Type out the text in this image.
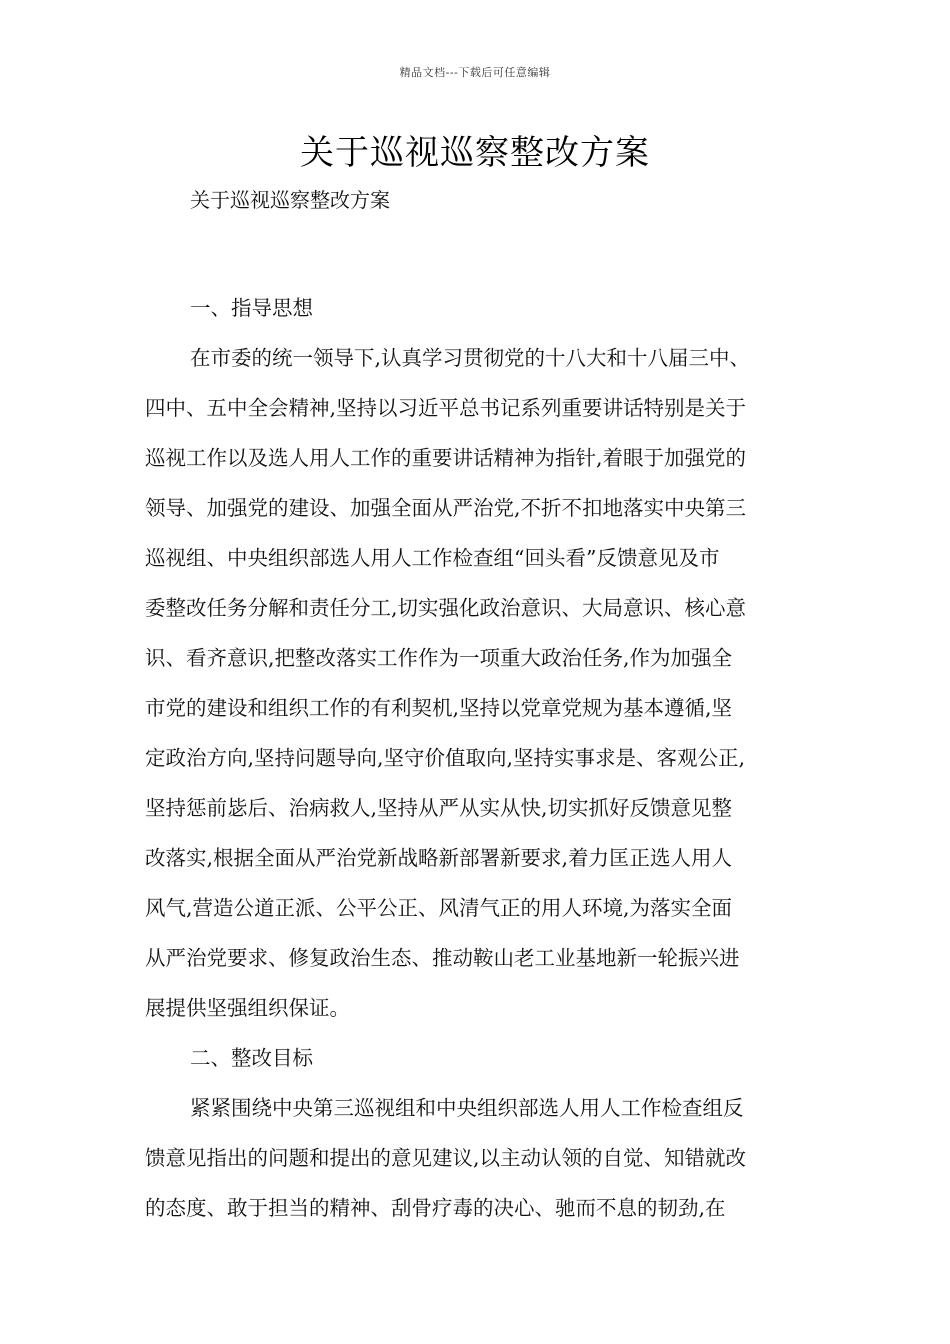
精品文档---下载后可任意编辑
关于巡视巡察整改方案
关于巡视巡察整改方案
一、指导思想
在市委的统一领导下,认真学习贯彻党的十八大和十八届三中、
四中、五中全会精神,坚持以习近平总书记系列重要讲话特别是关于
巡视工作以及选人用人工作的重要讲话精神为指针,着眼于加强党的
领导、加强党的建设、加强全面从严治党,不折不扣地落实中央第三
巡视组、中央组织部选人用人工作检查组“回头看”反馈意见及市
委整改任务分解和责任分工,切实强化政治意识、大局意识、核心意
识、看齐意识,把整改落实工作作为一项重大政治任务,作为加强全
市党的建设和组织工作的有利契机,坚持以党章党规为基本遵循,坚
定政治方向,坚持问题导向,坚守价值取向,坚持实事求是、客观公正,
坚持惩前毖后、治病救人,坚持从严从实从快,切实抓好反馈意见整
改落实,根据全面从严治党新战略新部署新要求,着力匡正选人用人
风气,营造公道正派、公平公正、风清气正的用人环境,为落实全面
从严治党要求、修复政治生态、推动鞍山老工业基地新一轮振兴进
展提供坚强组织保证。
二、整改目标
紧紧围绕中央第三巡视组和中央组织部选人用人工作检查组反
馈意见指出的问题和提出的意见建议,以主动认领的自觉、知错就改
的态度、敢于担当的精神、刮骨疗毒的决心、驰而不息的韧劲,在
